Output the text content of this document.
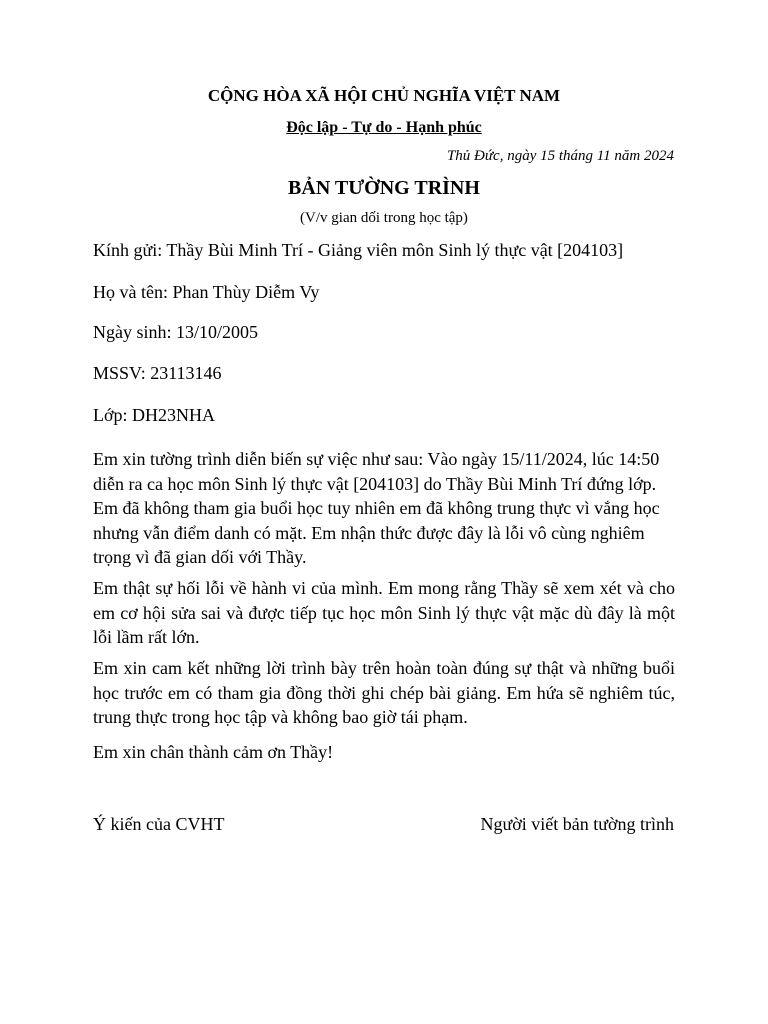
CỘNG HÒA XÃ HỘI CHỦ NGHĨA VIỆT NAM
Độc lập - Tự do - Hạnh phúc
Thủ Đức, ngày 15 tháng 11 năm 2024
BẢN TƯỜNG TRÌNH
(V/v gian dối trong học tập)
Kính gửi: Thầy Bùi Minh Trí - Giảng viên môn Sinh lý thực vật [204103]
Họ và tên: Phan Thùy Diễm Vy
Ngày sinh: 13/10/2005
MSSV: 23113146
Lớp: DH23NHA

Em xin tường trình diễn biến sự việc như sau: Vào ngày 15/11/2024, lúc 14:50 diễn ra ca học môn Sinh lý thực vật [204103] do Thầy Bùi Minh Trí đứng lớp. Em đã không tham gia buổi học tuy nhiên em đã không trung thực vì vắng học nhưng vẫn điểm danh có mặt. Em nhận thức được đây là lỗi vô cùng nghiêm trọng vì đã gian dối với Thầy.

Em thật sự hối lỗi về hành vi của mình. Em mong rằng Thầy sẽ xem xét và cho em cơ hội sửa sai và được tiếp tục học môn Sinh lý thực vật mặc dù đây là một lỗi lầm rất lớn.

Em xin cam kết những lời trình bày trên hoàn toàn đúng sự thật và những buổi học trước em có tham gia đồng thời ghi chép bài giảng. Em hứa sẽ nghiêm túc, trung thực trong học tập và không bao giờ tái phạm.

Em xin chân thành cảm ơn Thầy!

Ý kiến của CVHT	Người viết bản tường trình
